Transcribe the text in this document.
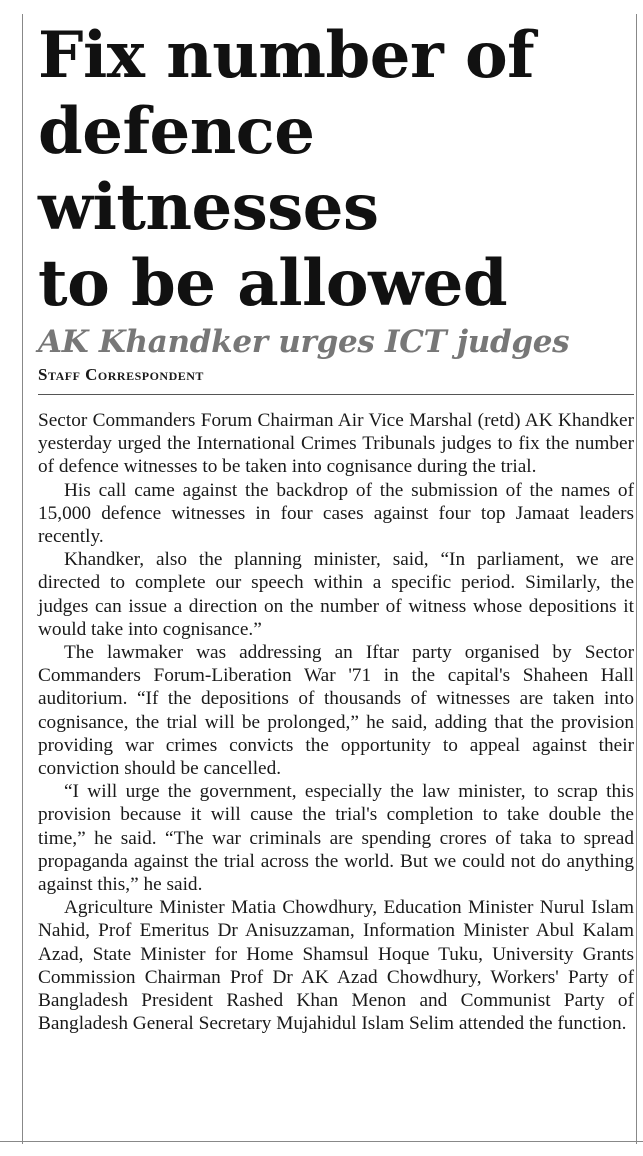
Fix number of
defence witnesses
to be allowed
AK Khandker urges ICT judges
Staff Correspondent

Sector Commanders Forum Chairman Air Vice Marshal (retd) AK Khandker yesterday urged the International Crimes Tribunals judges to fix the number of defence witnesses to be taken into cognisance during the trial.

His call came against the backdrop of the submission of the names of 15,000 defence witnesses in four cases against four top Jamaat leaders recently.

Khandker, also the planning minister, said, “In parliament, we are directed to complete our speech within a specific period. Similarly, the judges can issue a direction on the number of witness whose depositions it would take into cognisance.”

The lawmaker was addressing an Iftar party organised by Sector Commanders Forum-Liberation War '71 in the capital's Shaheen Hall auditorium. “If the depositions of thousands of witnesses are taken into cognisance, the trial will be prolonged,” he said, adding that the provision providing war crimes convicts the opportunity to appeal against their conviction should be cancelled.

“I will urge the government, especially the law minister, to scrap this provision because it will cause the trial's completion to take double the time,” he said. “The war criminals are spending crores of taka to spread propaganda against the trial across the world. But we could not do anything against this,” he said.

Agriculture Minister Matia Chowdhury, Education Minister Nurul Islam Nahid, Prof Emeritus Dr Anisuzzaman, Information Minister Abul Kalam Azad, State Minister for Home Shamsul Hoque Tuku, University Grants Commission Chairman Prof Dr AK Azad Chowdhury, Workers' Party of Bangladesh President Rashed Khan Menon and Communist Party of Bangladesh General Secretary Mujahidul Islam Selim attended the function.
